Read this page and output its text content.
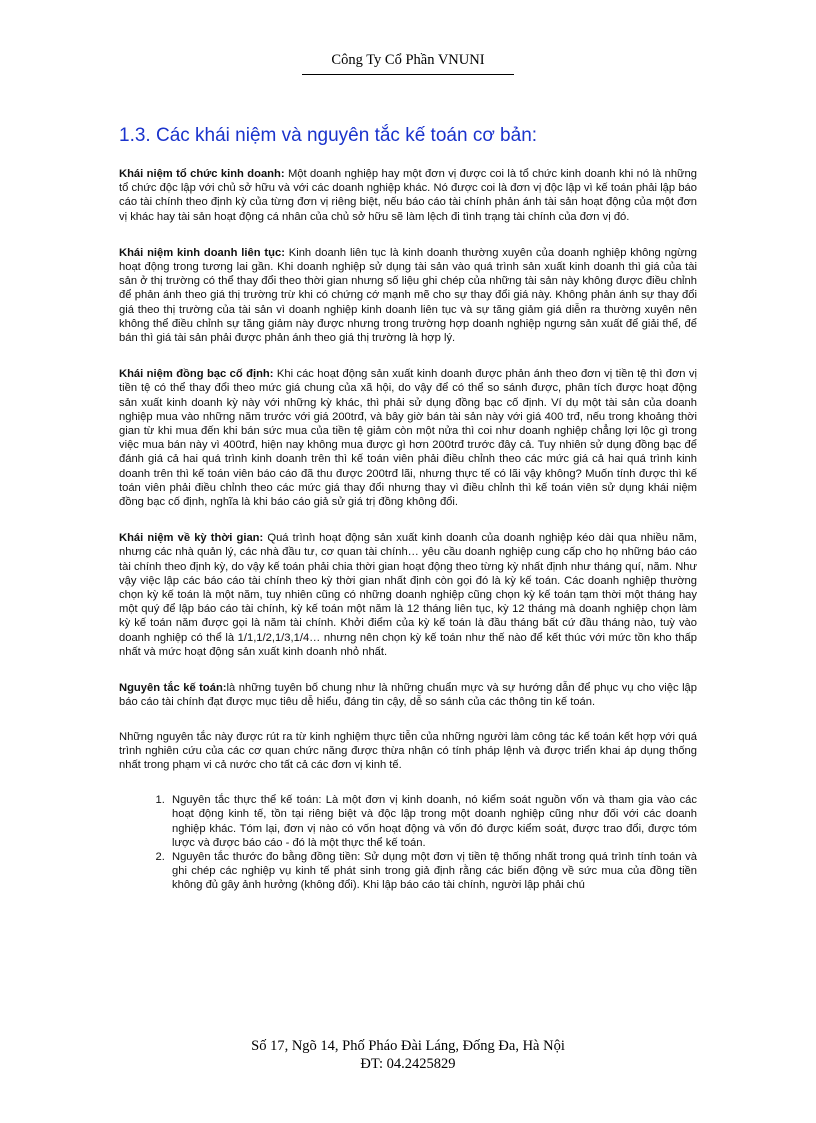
Công Ty Cổ Phần VNUNI
1.3. Các khái niệm và nguyên tắc kế toán cơ bản:

Khái niệm tổ chức kinh doanh: Một doanh nghiệp hay một đơn vị được coi là tổ chức kinh doanh khi nó là những tổ chức độc lập với chủ sở hữu và với các doanh nghiệp khác. Nó được coi là đơn vị độc lập vì kế toán phải lập báo cáo tài chính theo định kỳ của từng đơn vị riêng biệt, nếu báo cáo tài chính phản ánh tài sản hoạt động của một đơn vị khác hay tài sản hoạt động cá nhân của chủ sở hữu sẽ làm lệch đi tình trạng tài chính của đơn vị đó.

Khái niệm kinh doanh liên tục: Kinh doanh liên tục là kinh doanh thường xuyên của doanh nghiệp không ngừng hoạt động trong tương lai gần. Khi doanh nghiệp sử dụng tài sản vào quá trình sản xuất kinh doanh thì giá của tài sản ở thị trường có thể thay đổi theo thời gian nhưng số liệu ghi chép của những tài sản này không được điều chỉnh để phản ánh theo giá thị trường trừ khi có chứng cớ mạnh mẽ cho sự thay đổi giá này. Không phản ánh sự thay đổi giá theo thị trường của tài sản vì doanh nghiệp kinh doanh liên tục và sự tăng giảm giá diễn ra thường xuyên nên không thể điều chỉnh sự tăng giảm này được nhưng trong trường hợp doanh nghiệp ngưng sản xuất để giải thể, để bán thì giá tài sản phải được phản ánh theo giá thị trường là hợp lý.

Khái niệm đồng bạc cố định: Khi các hoạt động sản xuất kinh doanh được phản ánh theo đơn vị tiền tệ thì đơn vị tiền tệ có thể thay đổi theo mức giá chung của xã hội, do vậy để có thể so sánh được, phân tích được hoạt động sản xuất kinh doanh kỳ này với những kỳ khác, thì phải sử dụng đồng bạc cố định. Ví dụ một tài sản của doanh nghiệp mua vào những năm trước với giá 200trđ, và bây giờ bán tài sản này với giá 400 trđ, nếu trong khoảng thời gian từ khi mua đến khi bán sức mua của tiền tệ giảm còn một nửa thì coi như doanh nghiệp chẳng lợi lộc gì trong việc mua bán này vì 400trđ, hiện nay không mua được gì hơn 200trđ trước đây cả. Tuy nhiên sử dụng đồng bạc để đánh giá cả hai quá trình kinh doanh trên thì kế toán viên phải điều chỉnh theo các mức giá cả hai quá trình kinh doanh trên thì kế toán viên báo cáo đã thu được 200trđ lãi, nhưng thực tế có lãi vậy không? Muốn tính được thì kế toán viên phải điều chỉnh theo các mức giá thay đổi nhưng thay vì điều chỉnh thì kế toán viên sử dụng khái niệm đồng bạc cố định, nghĩa là khi báo cáo giả sử giá trị đồng không đổi.

Khái niệm về kỳ thời gian: Quá trình hoạt động sản xuất kinh doanh của doanh nghiệp kéo dài qua nhiều năm, nhưng các nhà quản lý, các nhà đầu tư, cơ quan tài chính… yêu cầu doanh nghiệp cung cấp cho họ những báo cáo tài chính theo định kỳ, do vậy kế toán phải chia thời gian hoạt động theo từng kỳ nhất định như tháng quí, năm. Như vậy việc lập các báo cáo tài chính theo kỳ thời gian nhất định còn gọi đó là kỳ kế toán. Các doanh nghiệp thường chọn kỳ kế toán là một năm, tuy nhiên cũng có những doanh nghiệp cũng chọn kỳ kế toán tạm thời một tháng hay một quý để lập báo cáo tài chính, kỳ kế toán một năm là 12 tháng liên tục, kỳ 12 tháng mà doanh nghiệp chọn làm kỳ kế toán năm được gọi là năm tài chính. Khởi điểm của kỳ kế toán là đầu tháng bất cứ đầu tháng nào, tuỳ vào doanh nghiệp có thể là 1/1,1/2,1/3,1/4… nhưng nên chọn kỳ kế toán như thế nào để kết thúc với mức tồn kho thấp nhất và mức hoạt động sản xuất kinh doanh nhỏ nhất.

Nguyên tắc kế toán:là những tuyên bố chung như là những chuẩn mực và sự hướng dẫn để phục vụ cho việc lập báo cáo tài chính đạt được mục tiêu dễ hiểu, đáng tin cậy, dễ so sánh của các thông tin kế toán.

Những nguyên tắc này được rút ra từ kinh nghiệm thực tiễn của những người làm công tác kế toán kết hợp với quá trình nghiên cứu của các cơ quan chức năng được thừa nhận có tính pháp lệnh và được triển khai áp dụng thống nhất trong phạm vi cả nước cho tất cả các đơn vị kinh tế.

1. Nguyên tắc thực thể kế toán: Là một đơn vị kinh doanh, nó kiểm soát nguồn vốn và tham gia vào các hoạt động kinh tế, tồn tại riêng biệt và độc lập trong một doanh nghiệp cũng như đối với các doanh nghiệp khác. Tóm lại, đơn vị nào có vốn hoạt động và vốn đó được kiểm soát, được trao đổi, được tóm lược và được báo cáo - đó là một thực thể kế toán.
2. Nguyên tắc thước đo bằng đồng tiền: Sử dụng một đơn vị tiền tệ thống nhất trong quá trình tính toán và ghi chép các nghiệp vụ kinh tế phát sinh trong giả định rằng các biến động về sức mua của đồng tiền không đủ gây ảnh hưởng (không đổi). Khi lập báo cáo tài chính, người lập phải chú
Số 17, Ngõ 14, Phố Pháo Đài Láng, Đống Đa, Hà Nội
ĐT: 04.2425829
